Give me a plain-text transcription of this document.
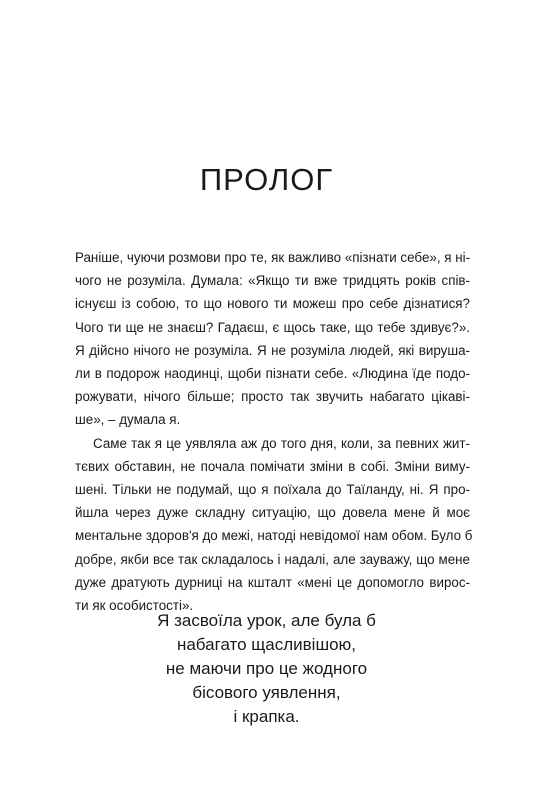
ПРОЛОГ
Раніше, чуючи розмови про те, як важливо «пізнати себе», я ні-
чого не розуміла. Думала: «Якщо ти вже тридцять років спів-
існуєш із собою, то що нового ти можеш про себе дізнатися?
Чого ти ще не знаєш? Гадаєш, є щось таке, що тебе здивує?».
Я дійсно нічого не розуміла. Я не розуміла людей, які вируша-
ли в подорож наодинці, щоби пізнати себе. «Людина їде подо-
рожувати, нічого більше; просто так звучить набагато цікаві-
ше», – думала я.
Саме так я це уявляла аж до того дня, коли, за певних жит-
тєвих обставин, не почала помічати зміни в собі. Зміни виму-
шені. Тільки не подумай, що я поїхала до Таїланду, ні. Я про-
йшла через дуже складну ситуацію, що довела мене й моє
ментальне здоров'я до межі, натоді невідомої нам обом. Було б
добре, якби все так складалось і надалі, але зауважу, що мене
дуже дратують дурниці на кшталт «мені це допомогло вирос-
ти як особистості».
Я засвоїла урок, але була б
набагато щасливішою,
не маючи про це жодного
бісового уявлення,
і крапка.
